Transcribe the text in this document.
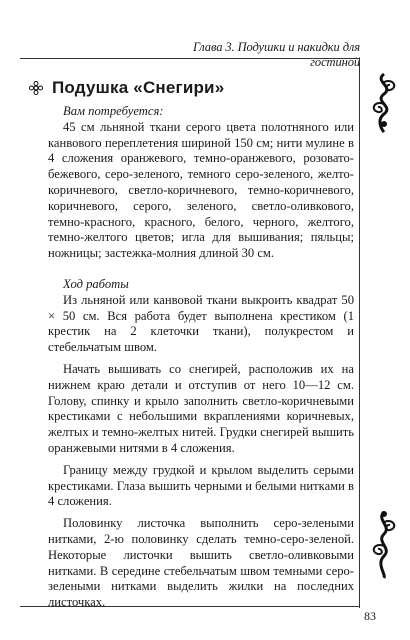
Глава 3. Подушки и накидки для гостиной
83
Подушка «Снегири»

Вам потребуется:

45 см льняной ткани серого цвета полотняного или канвового переплетения шириной 150 см; нити мулине в 4 сложения оранжевого, темно-оранжевого, розовато-бежевого, серо-зеленого, темного серо-зеленого, желто-коричневого, светло-коричневого, темно-коричневого, коричневого, серого, зеленого, светло-оливкового, темно-красного, красного, белого, черного, желтого, темно-желтого цветов; игла для вышивания; пяльцы; ножницы; застежка-молния длиной 30 см.

Ход работы

Из льняной или канвовой ткани выкроить квадрат 50 × 50 см. Вся работа будет выполнена крестиком (1 крестик на 2 клеточки ткани), полукрестом и стебельчатым швом.

Начать вышивать со снегирей, расположив их на нижнем краю детали и отступив от него 10—12 см. Голову, спинку и крыло заполнить светло-коричневыми крестиками с небольшими вкраплениями коричневых, желтых и темно-желтых нитей. Грудки снегирей вышить оранжевыми нитями в 4 сложения.

Границу между грудкой и крылом выделить серыми крестиками. Глаза вышить черными и белыми нитками в 4 сложения.

Половинку листочка выполнить серо-зелеными нитками, 2-ю половинку сделать темно-серо-зеленой. Некоторые листочки вышить светло-оливковыми нитками. В середине стебельчатым швом темными серо-зелеными нитками выделить жилки на последних листочках.
